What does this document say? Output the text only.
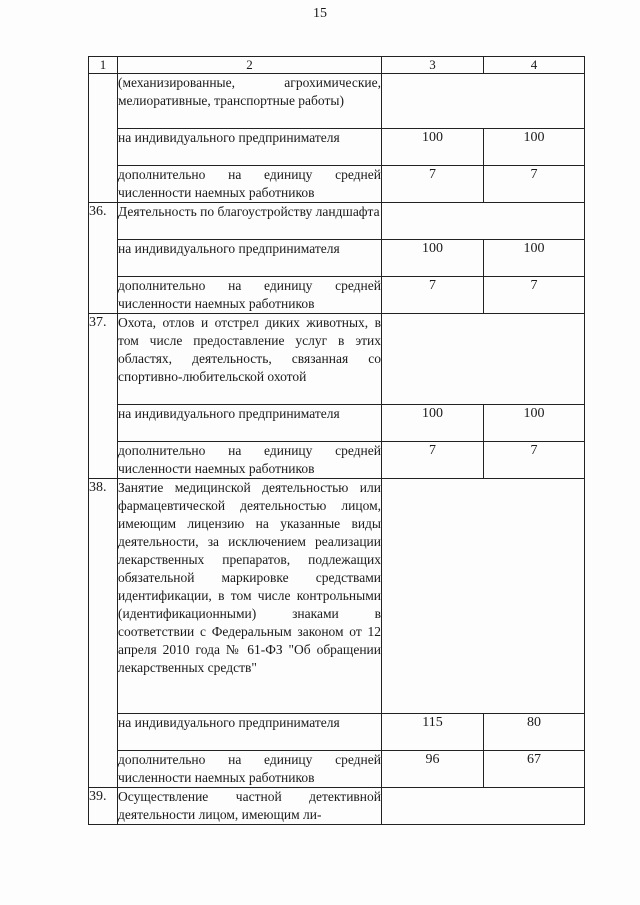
15
1	2	3	4
	(механизированные, агрохимические, мелиоративные, транспортные работы)		
	на индивидуального предпринимателя	100	100
	дополнительно на единицу средней численности наемных работников	7	7
36.	Деятельность по благоустройству ландшафта		
	на индивидуального предпринимателя	100	100
	дополнительно на единицу средней численности наемных работников	7	7
37.	Охота, отлов и отстрел диких животных, в том числе предоставление услуг в этих областях, деятельность, связанная со спортивно-любительской охотой		
	на индивидуального предпринимателя	100	100
	дополнительно на единицу средней численности наемных работников	7	7
38.	Занятие медицинской деятельностью или фармацевтической деятельностью лицом, имеющим лицензию на указанные виды деятельности, за исключением реализации лекарственных препаратов, подлежащих обязательной маркировке средствами идентификации, в том числе контрольными (идентификационными) знаками в соответствии с Федеральным законом от 12 апреля 2010 года № 61-ФЗ "Об обращении лекарственных средств"		
	на индивидуального предпринимателя	115	80
	дополнительно на единицу средней численности наемных работников	96	67
39.	Осуществление частной детективной деятельности лицом, имеющим ли-		
